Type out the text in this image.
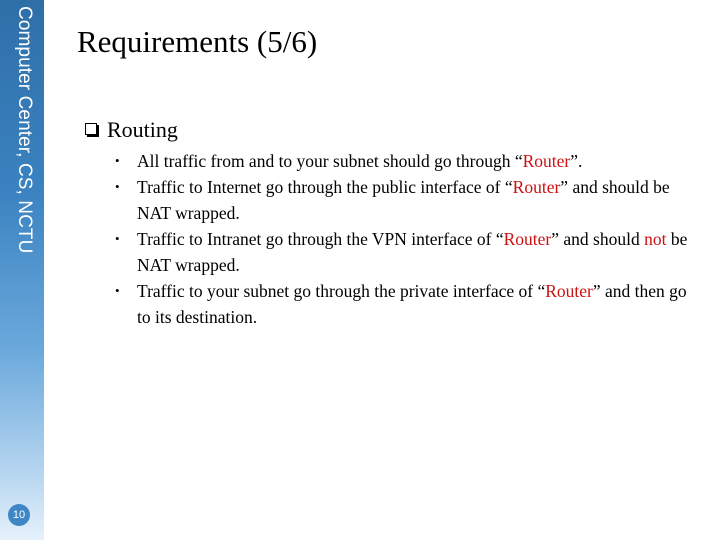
Computer Center, CS, NCTU
10
Requirements (5/6)
Routing
• All traffic from and to your subnet should go through “Router”.
• Traffic to Internet go through the public interface of “Router” and should be NAT wrapped.
• Traffic to Intranet go through the VPN interface of “Router” and should not be NAT wrapped.
• Traffic to your subnet go through the private interface of “Router” and then go to its destination.
